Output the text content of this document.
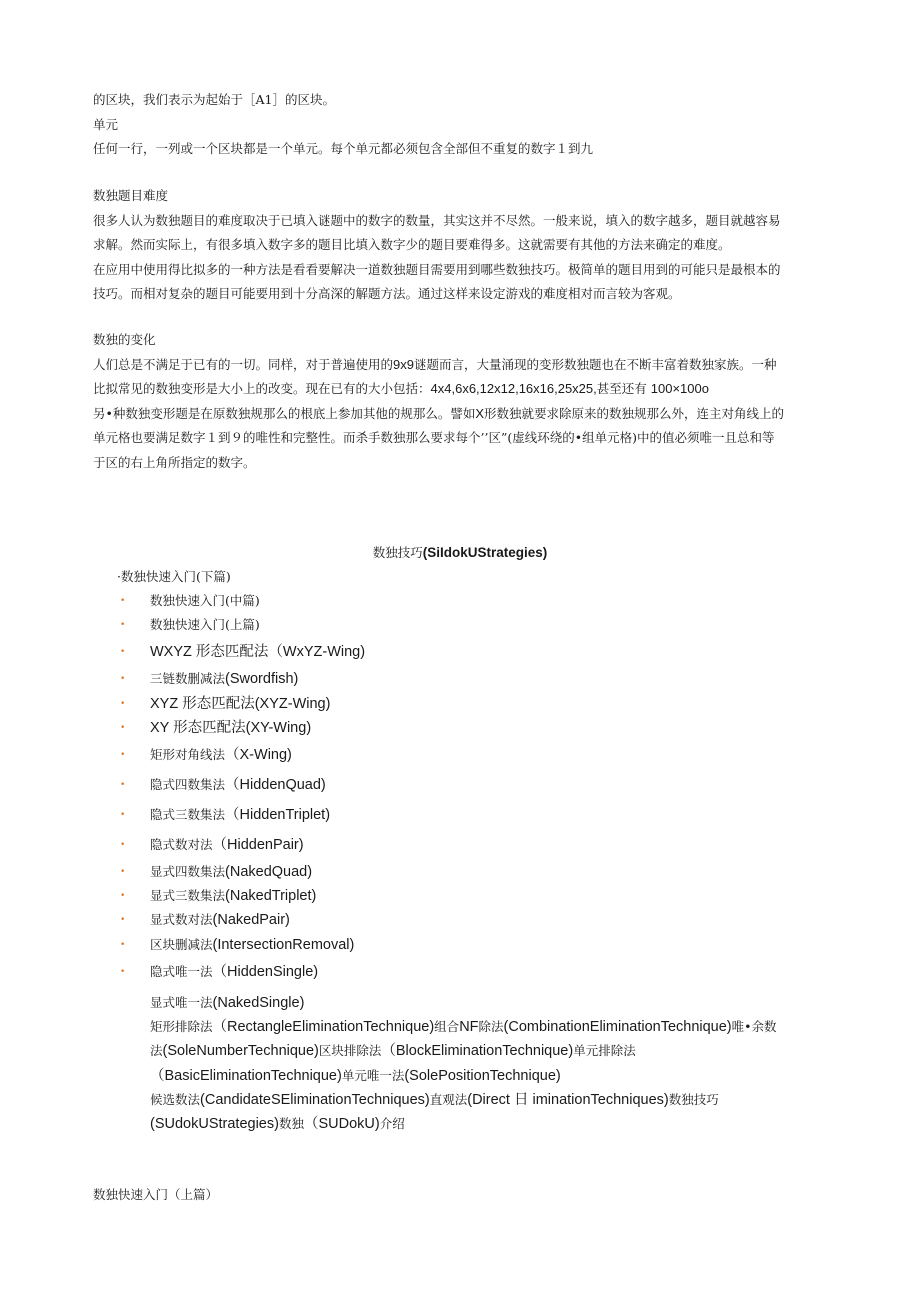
的区块，我们表示为起始于［A1］的区块。

单元

任何一行，一列或一个区块都是一个单元。每个单元都必须包含全部但不重复的数字１到九

数独题目难度

很多人认为数独题目的难度取决于已填入谜题中的数字的数量，其实这并不尽然。一般来说，填入的数字越多，题目就越容易

求解。然而实际上，有很多填入数字多的题目比填入数字少的题目要难得多。这就需要有其他的方法来确定的难度。

在应用中使用得比拟多的一种方法是看看要解决一道数独题目需要用到哪些数独技巧。极简单的题目用到的可能只是最根本的

技巧。而相对复杂的题目可能要用到十分高深的解题方法。通过这样来设定游戏的难度相对而言较为客观。

数独的变化

人们总是不满足于已有的一切。同样，对于普遍使用的9x9谜题而言，大量涌现的变形数独题也在不断丰富着数独家族。一种

比拟常见的数独变形是大小上的改变。现在已有的大小包括：4x4,6x6,12x12,16x16,25x25,甚至还有 100×100o

另•种数独变形题是在原数独规那么的根底上参加其他的规那么。譬如X形数独就要求除原来的数独规那么外，连主对角线上的

单元格也要满足数字１到９的唯性和完整性。而杀手数独那么要求每个’’区”(虚线环绕的•组单元格)中的值必须唯一且总和等

于区的右上角所指定的数字。

数独技巧(SiIdokUStrategies)
·数独快速入门(下篇)
• 数独快速入门(中篇)
• 数独快速入门(上篇)
• WXYZ 形态匹配法（WxYZ-Wing)
• 三链数删减法(Swordfish)
• XYZ 形态匹配法(XYZ-Wing)
• XY 形态匹配法(XY-Wing)
• 矩形对角线法（X-Wing)
• 隐式四数集法（HiddenQuad)
• 隐式三数集法（HiddenTriplet)
• 隐式数对法（HiddenPair)
• 显式四数集法(NakedQuad)
• 显式三数集法(NakedTriplet)
• 显式数对法(NakedPair)
• 区块删减法(IntersectionRemoval)
• 隐式唯一法（HiddenSingle)

显式唯一法(NakedSingle)

矩形排除法（RectangleEliminationTechnique)组合NF除法(CombinationEliminationTechnique)唯•余数

法(SoleNumberTechnique)区块排除法（BlockEliminationTechnique)单元排除法

（BasicEliminationTechnique)单元唯一法(SolePositionTechnique)

候选数法(CandidateSEliminationTechniques)直观法(Direct 日 iminationTechniques)数独技巧

(SUdokUStrategies)数独（SUDokU)介绍

数独快速入门（上篇）
